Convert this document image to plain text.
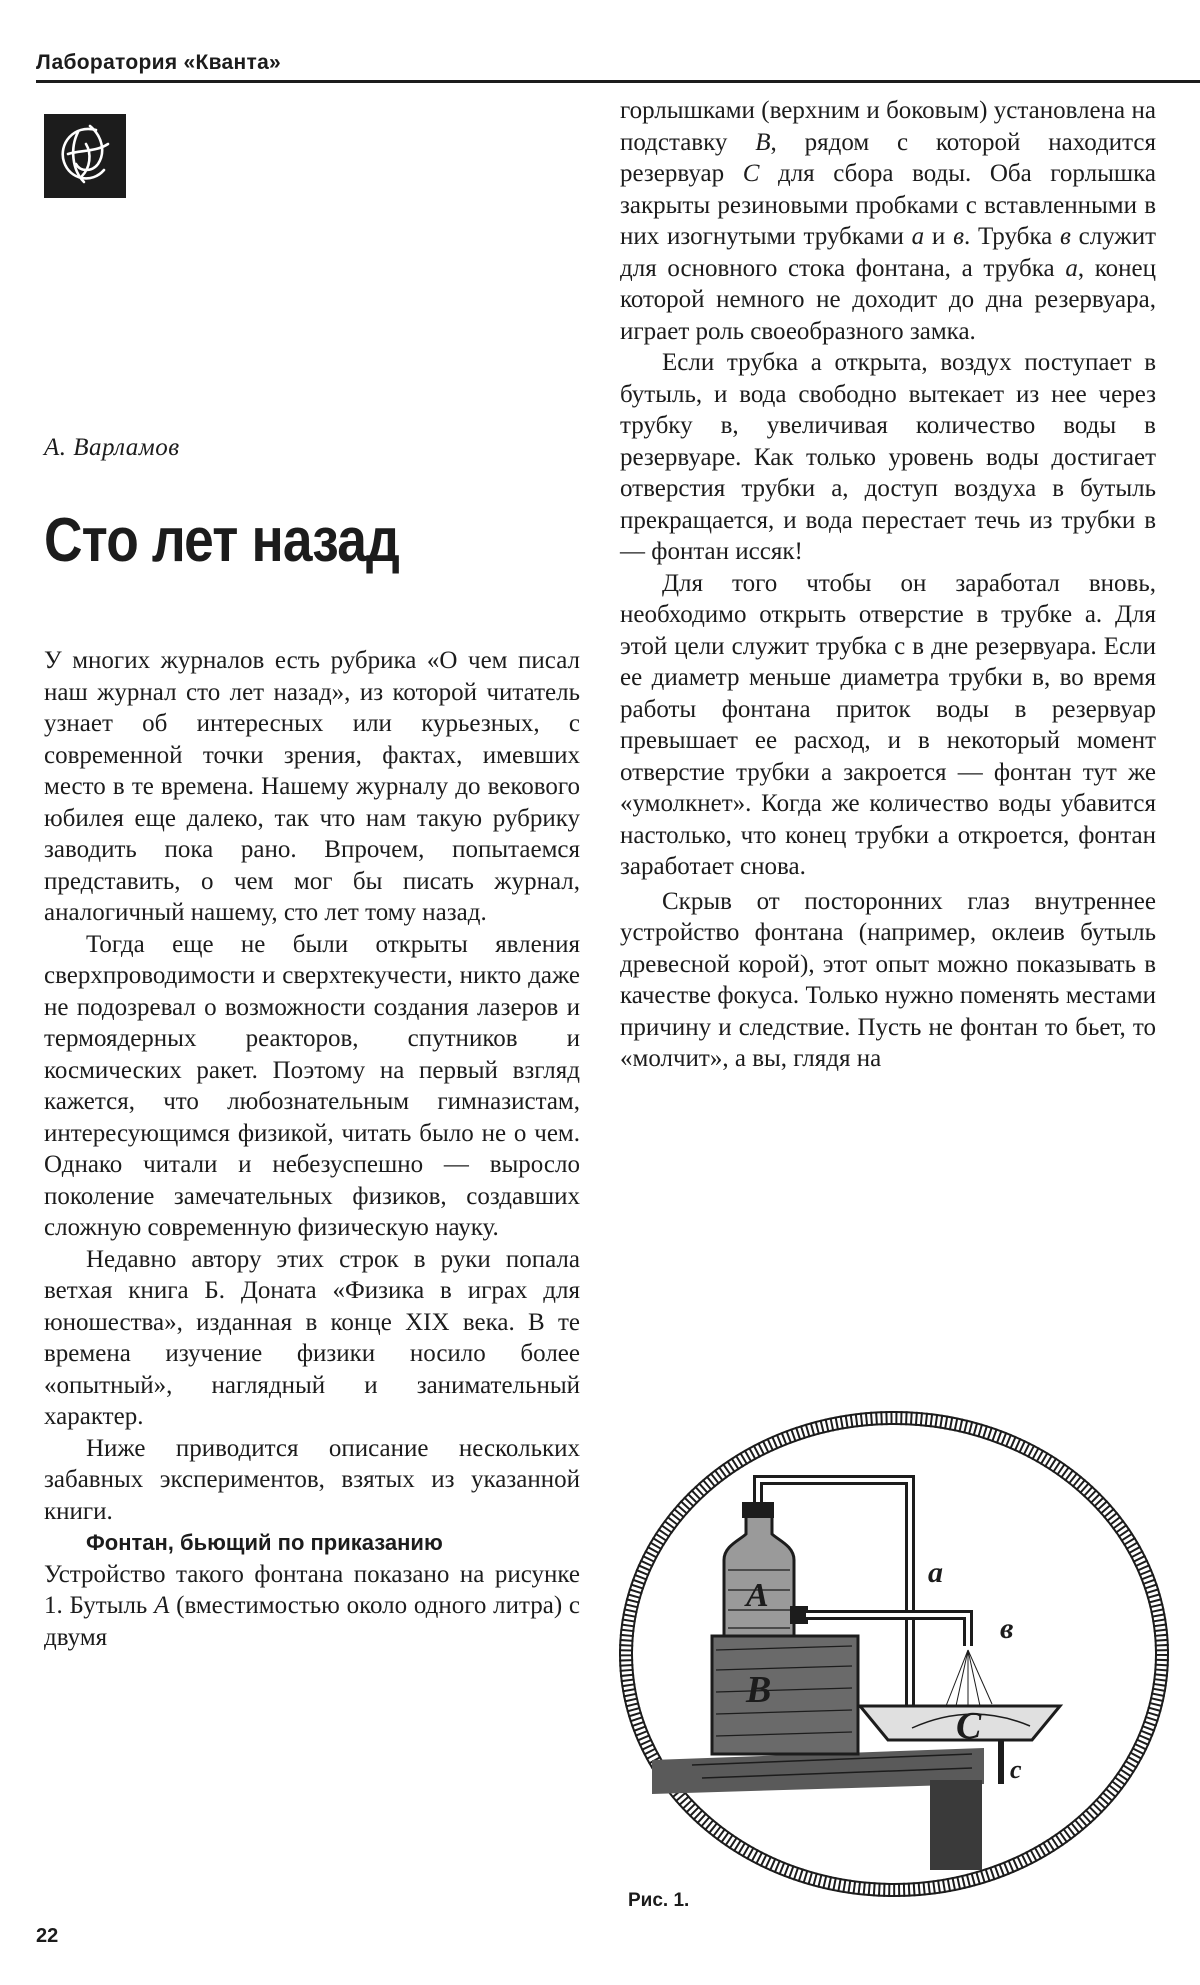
Лаборатория «Кванта»
А. Варламов
Сто лет назад

У многих журналов есть рубрика «О чем писал наш журнал сто лет назад», из которой читатель узнает об интересных или курьезных, с современной точки зрения, фактах, имевших место в те времена. Нашему журналу до векового юбилея еще далеко, так что нам такую рубрику заводить пока рано. Впрочем, попытаемся представить, о чем мог бы писать журнал, аналогичный нашему, сто лет тому назад.

Тогда еще не были открыты явления сверхпроводимости и сверхтекучести, никто даже не подозревал о возможности создания лазеров и термоядерных реакторов, спутников и космических ракет. Поэтому на первый взгляд кажется, что любознательным гимназистам, интересующимся физикой, читать было не о чем. Однако читали и небезуспешно — выросло поколение замечательных физиков, создавших сложную современную физическую науку.

Недавно автору этих строк в руки попала ветхая книга Б. Доната «Физика в играх для юношества», изданная в конце XIX века. В те времена изучение физики носило более «опытный», наглядный и занимательный характер.

Ниже приводится описание нескольких забавных экспериментов, взятых из указанной книги.

Фонтан, бьющий по приказанию

Устройство такого фонтана показано на рисунке 1. Бутыль A (вместимостью около одного литра) с двумя

горлышками (верхним и боковым) установлена на подставку B, рядом с которой находится резервуар C для сбора воды. Оба горлышка закрыты резиновыми пробками с вставленными в них изогнутыми трубками a и в. Трубка в служит для основного стока фонтана, а трубка a, конец которой немного не доходит до дна резервуара, играет роль своеобразного замка.

Если трубка a открыта, воздух поступает в бутыль, и вода свободно вытекает из нее через трубку в, увеличивая количество воды в резервуаре. Как только уровень воды достигает отверстия трубки a, доступ воздуха в бутыль прекращается, и вода перестает течь из трубки в — фонтан иссяк!

Для того чтобы он заработал вновь, необходимо открыть отверстие в трубке a. Для этой цели служит трубка c в дне резервуара. Если ее диаметр меньше диаметра трубки в, во время работы фонтана приток воды в резервуар превышает ее расход, и в некоторый момент отверстие трубки a закроется — фонтан тут же «умолкнет». Когда же количество воды убавится настолько, что конец трубки a откроется, фонтан заработает снова.

Скрыв от посторонних глаз внутреннее устройство фонтана (например, оклеив бутыль древесной корой), этот опыт можно показывать в качестве фокуса. Только нужно поменять местами причину и следствие. Пусть не фонтан то бьет, то «молчит», а вы, глядя на

a
в
A
B
C
c
Рис. 1.
22
